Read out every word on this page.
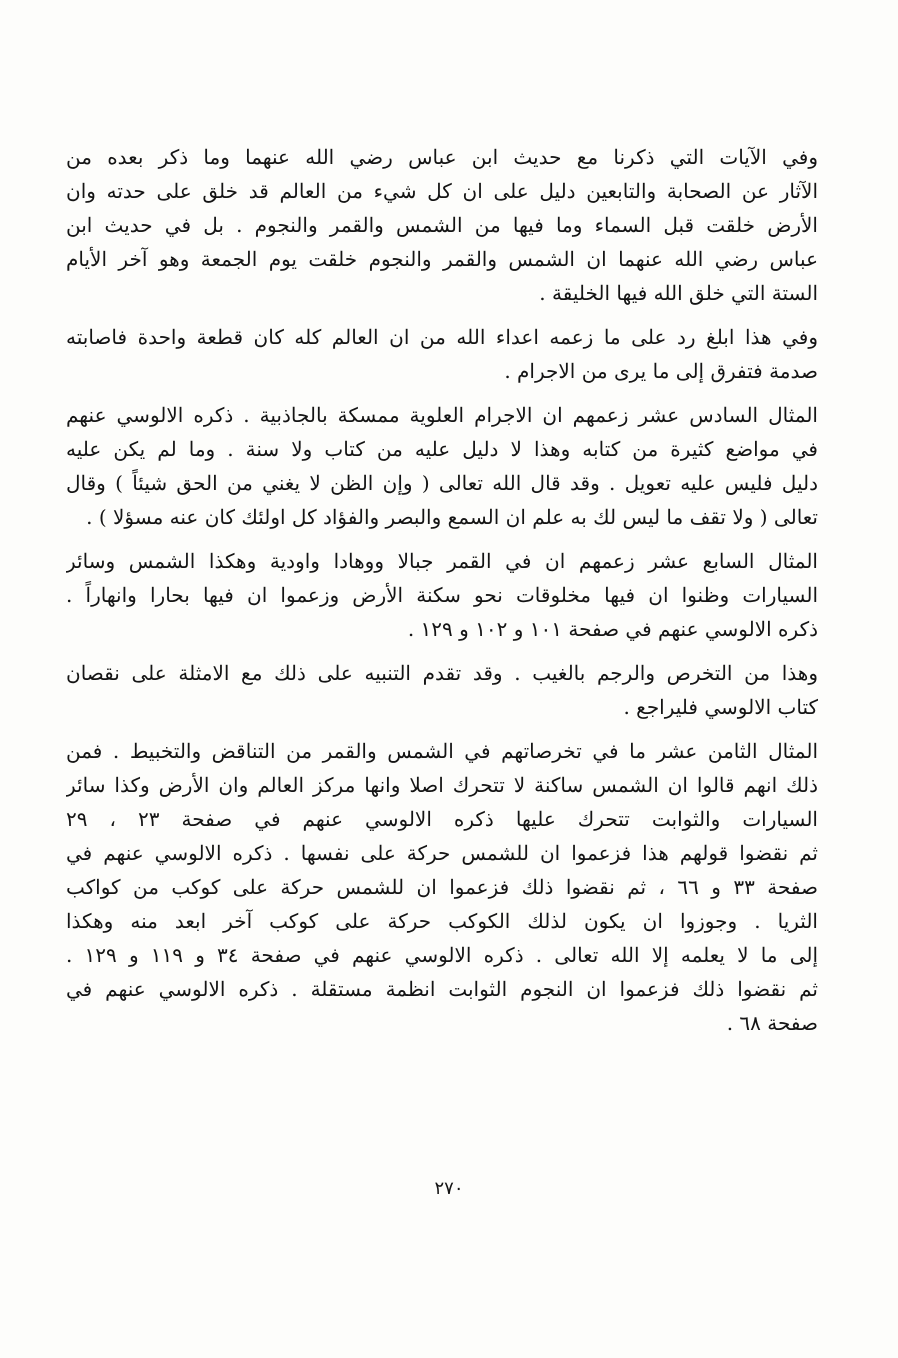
وفي الآيات التي ذكرنا مع حديث ابن عباس رضي الله عنهما وما ذكر بعده من
الآثار عن الصحابة والتابعين دليل على ان كل شيء من العالم قد خلق على حدته وان
الأرض خلقت قبل السماء وما فيها من الشمس والقمر والنجوم . بل في حديث ابن
عباس رضي الله عنهما ان الشمس والقمر والنجوم خلقت يوم الجمعة وهو آخر الأيام
الستة التي خلق الله فيها الخليقة .
وفي هذا ابلغ رد على ما زعمه اعداء الله من ان العالم كله كان قطعة واحدة فاصابته
صدمة فتفرق إلى ما يرى من الاجرام .
المثال السادس عشر زعمهم ان الاجرام العلوية ممسكة بالجاذبية . ذكره الالوسي عنهم
في مواضع كثيرة من كتابه وهذا لا دليل عليه من كتاب ولا سنة . وما لم يكن عليه
دليل فليس عليه تعويل . وقد قال الله تعالى ( وإن الظن لا يغني من الحق شيئاً ) وقال
تعالى ( ولا تقف ما ليس لك به علم ان السمع والبصر والفؤاد كل اولئك كان عنه مسؤلا ) .
المثال السابع عشر زعمهم ان في القمر جبالا ووهادا واودية وهكذا الشمس وسائر
السيارات وظنوا ان فيها مخلوقات نحو سكنة الأرض وزعموا ان فيها بحارا وانهاراً .
ذكره الالوسي عنهم في صفحة ١٠١ و ١٠٢ و ١٢٩ .
وهذا من التخرص والرجم بالغيب . وقد تقدم التنبيه على ذلك مع الامثلة على نقصان
كتاب الالوسي فليراجع .
المثال الثامن عشر ما في تخرصاتهم في الشمس والقمر من التناقض والتخبيط . فمن
ذلك انهم قالوا ان الشمس ساكنة لا تتحرك اصلا وانها مركز العالم وان الأرض وكذا سائر
السيارات والثوابت تتحرك عليها ذكره الالوسي عنهم في صفحة ٢٣ ، ٢٩
ثم نقضوا قولهم هذا فزعموا ان للشمس حركة على نفسها . ذكره الالوسي عنهم في
صفحة ٣٣ و ٦٦ ، ثم نقضوا ذلك فزعموا ان للشمس حركة على كوكب من كواكب
الثريا . وجوزوا ان يكون لذلك الكوكب حركة على كوكب آخر ابعد منه وهكذا
إلى ما لا يعلمه إلا الله تعالى . ذكره الالوسي عنهم في صفحة ٣٤ و ١١٩ و ١٢٩ .
ثم نقضوا ذلك فزعموا ان النجوم الثوابت انظمة مستقلة . ذكره الالوسي عنهم في
صفحة ٦٨ .
٢٧٠
